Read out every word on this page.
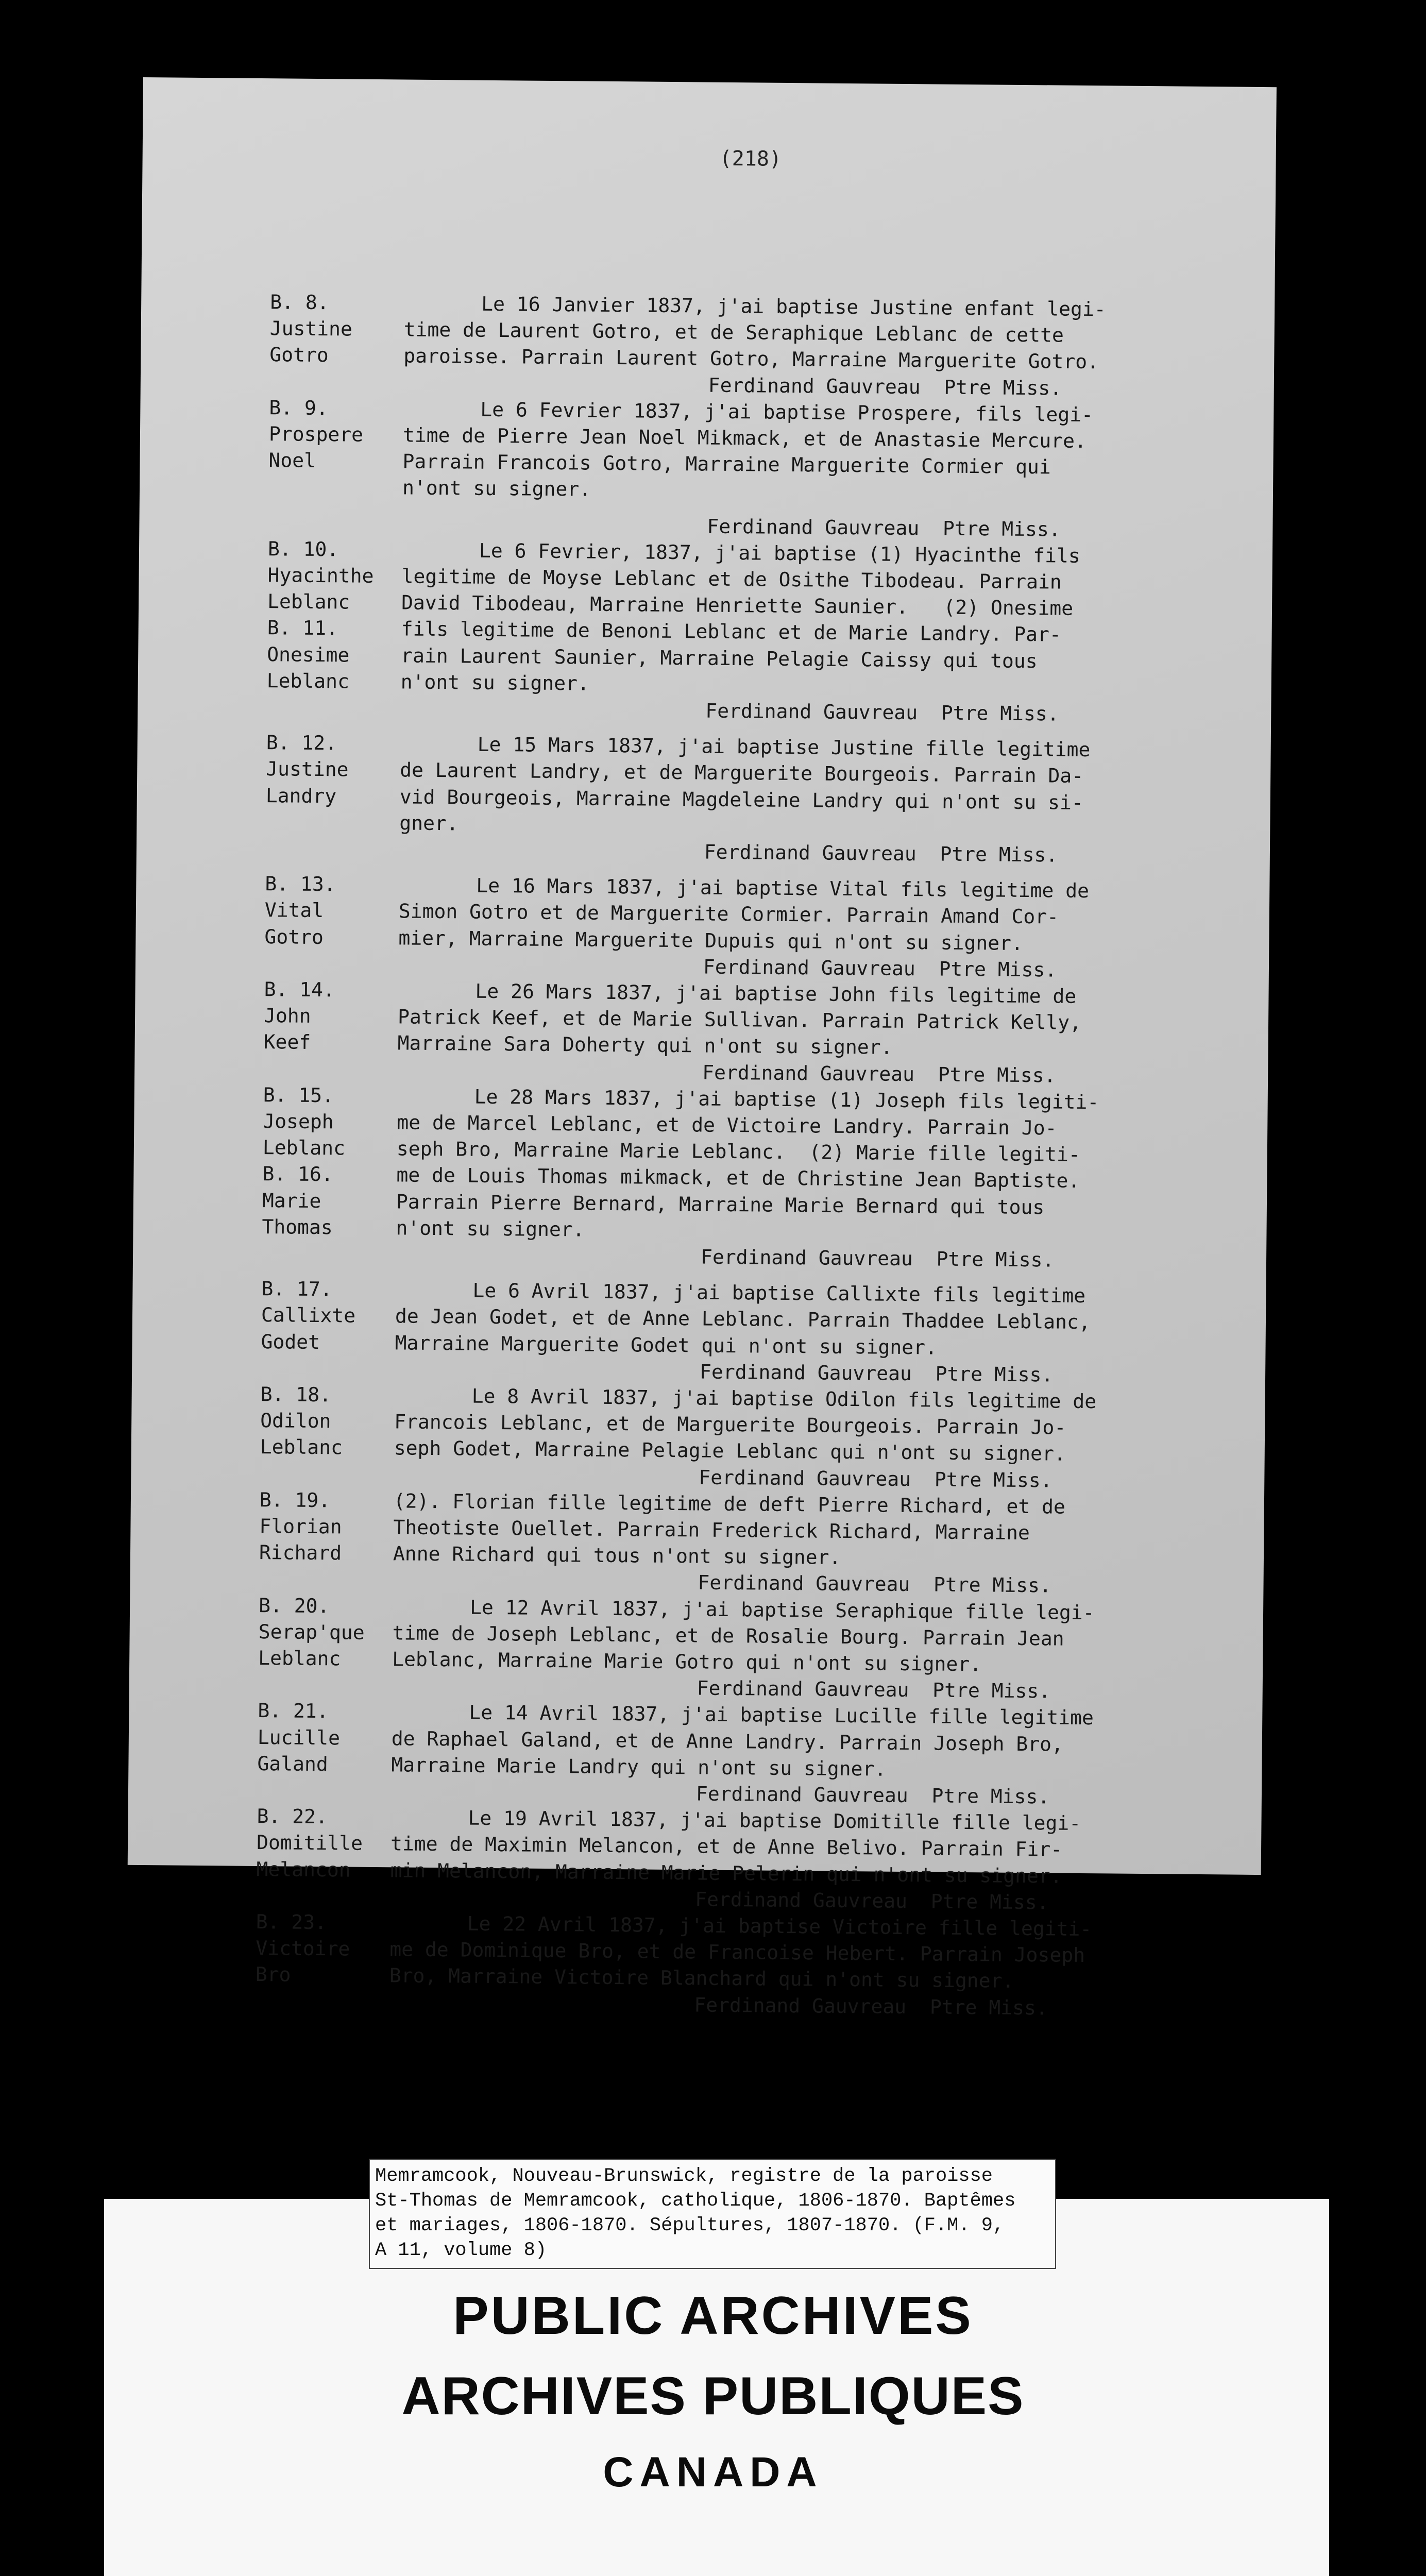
(218)
Le 16 Janvier 1837, j'ai baptise Justine enfant legi-
time de Laurent Gotro, et de Seraphique Leblanc de cette
paroisse. Parrain Laurent Gotro, Marraine Marguerite Gotro.
Ferdinand Gauvreau  Ptre Miss.
Le 6 Fevrier 1837, j'ai baptise Prospere, fils legi-
time de Pierre Jean Noel Mikmack, et de Anastasie Mercure.
Parrain Francois Gotro, Marraine Marguerite Cormier qui
n'ont su signer.
Ferdinand Gauvreau  Ptre Miss.
Le 6 Fevrier, 1837, j'ai baptise (1) Hyacinthe fils
legitime de Moyse Leblanc et de Osithe Tibodeau. Parrain
David Tibodeau, Marraine Henriette Saunier.   (2) Onesime
fils legitime de Benoni Leblanc et de Marie Landry. Par-
rain Laurent Saunier, Marraine Pelagie Caissy qui tous
n'ont su signer.
Ferdinand Gauvreau  Ptre Miss.
Le 15 Mars 1837, j'ai baptise Justine fille legitime
de Laurent Landry, et de Marguerite Bourgeois. Parrain Da-
vid Bourgeois, Marraine Magdeleine Landry qui n'ont su si-
gner.
Ferdinand Gauvreau  Ptre Miss.
Le 16 Mars 1837, j'ai baptise Vital fils legitime de
Simon Gotro et de Marguerite Cormier. Parrain Amand Cor-
mier, Marraine Marguerite Dupuis qui n'ont su signer.
Ferdinand Gauvreau  Ptre Miss.
Le 26 Mars 1837, j'ai baptise John fils legitime de
Patrick Keef, et de Marie Sullivan. Parrain Patrick Kelly,
Marraine Sara Doherty qui n'ont su signer.
Ferdinand Gauvreau  Ptre Miss.
Le 28 Mars 1837, j'ai baptise (1) Joseph fils legiti-
me de Marcel Leblanc, et de Victoire Landry. Parrain Jo-
seph Bro, Marraine Marie Leblanc.  (2) Marie fille legiti-
me de Louis Thomas mikmack, et de Christine Jean Baptiste.
Parrain Pierre Bernard, Marraine Marie Bernard qui tous
n'ont su signer.
Ferdinand Gauvreau  Ptre Miss.
Le 6 Avril 1837, j'ai baptise Callixte fils legitime
de Jean Godet, et de Anne Leblanc. Parrain Thaddee Leblanc,
Marraine Marguerite Godet qui n'ont su signer.
Ferdinand Gauvreau  Ptre Miss.
Le 8 Avril 1837, j'ai baptise Odilon fils legitime de
Francois Leblanc, et de Marguerite Bourgeois. Parrain Jo-
seph Godet, Marraine Pelagie Leblanc qui n'ont su signer.
Ferdinand Gauvreau  Ptre Miss.
(2). Florian fille legitime de deft Pierre Richard, et de
Theotiste Ouellet. Parrain Frederick Richard, Marraine
Anne Richard qui tous n'ont su signer.
Ferdinand Gauvreau  Ptre Miss.
Le 12 Avril 1837, j'ai baptise Seraphique fille legi-
time de Joseph Leblanc, et de Rosalie Bourg. Parrain Jean
Leblanc, Marraine Marie Gotro qui n'ont su signer.
Ferdinand Gauvreau  Ptre Miss.
Le 14 Avril 1837, j'ai baptise Lucille fille legitime
de Raphael Galand, et de Anne Landry. Parrain Joseph Bro,
Marraine Marie Landry qui n'ont su signer.
Ferdinand Gauvreau  Ptre Miss.
Le 19 Avril 1837, j'ai baptise Domitille fille legi-
time de Maximin Melancon, et de Anne Belivo. Parrain Fir-
min Melancon, Marraine Marie Pelerin qui n'ont su signer.
Ferdinand Gauvreau  Ptre Miss.
Le 22 Avril 1837, j'ai baptise Victoire fille legiti-
me de Dominique Bro, et de Francoise Hebert. Parrain Joseph
Bro, Marraine Victoire Blanchard qui n'ont su signer.
Ferdinand Gauvreau  Ptre Miss.
B. 8.
Justine
Gotro
B. 9.
Prospere
Noel
B. 10.
Hyacinthe
Leblanc
B. 11.
Onesime
Leblanc
B. 12.
Justine
Landry
B. 13.
Vital
Gotro
B. 14.
John
Keef
B. 15.
Joseph
Leblanc
B. 16.
Marie
Thomas
B. 17.
Callixte
Godet
B. 18.
Odilon
Leblanc
B. 19.
Florian
Richard
B. 20.
Serap'que
Leblanc
B. 21.
Lucille
Galand
B. 22.
Domitille
Melancon
B. 23.
Victoire
Bro
Memramcook, Nouveau-Brunswick, registre de la paroisse
St-Thomas de Memramcook, catholique, 1806-1870. Baptêmes
et mariages, 1806-1870. Sépultures, 1807-1870. (F.M. 9,
A 11, volume 8)
PUBLIC ARCHIVES
ARCHIVES PUBLIQUES
CANADA
